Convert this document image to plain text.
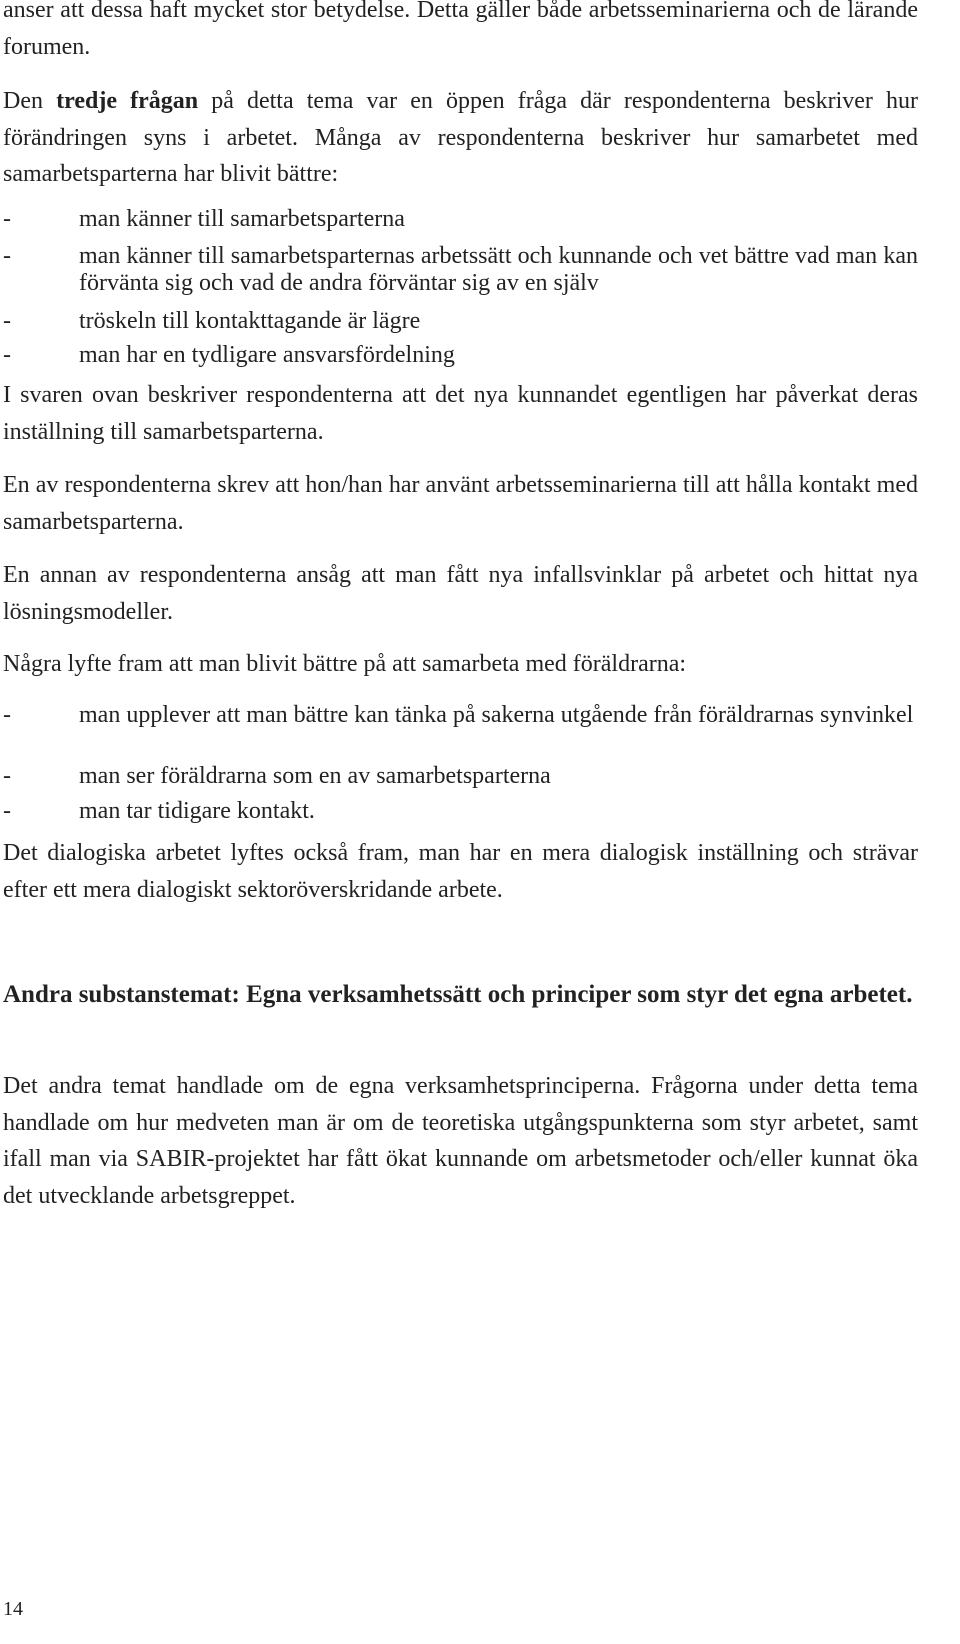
anser att dessa haft mycket stor betydelse. Detta gäller både arbetsseminarierna och de lärande forumen.

Den tredje frågan på detta tema var en öppen fråga där respondenterna beskriver hur förändringen syns i arbetet. Många av respondenterna beskriver hur samarbetet med samarbetsparterna har blivit bättre:

-	man känner till samarbetsparterna

-	man känner till samarbetsparternas arbetssätt och kunnande och vet bättre vad man kan förvänta sig och vad de andra förväntar sig av en själv

-	tröskeln till kontakttagande är lägre

-	man har en tydligare ansvarsfördelning

I svaren ovan beskriver respondenterna att det nya kunnandet egentligen har påverkat deras inställning till samarbetsparterna.

En av respondenterna skrev att hon/han har använt arbetsseminarierna till att hålla kontakt med samarbetsparterna.

En annan av respondenterna ansåg att man fått nya infallsvinklar på arbetet och hittat nya lösningsmodeller.

Några lyfte fram att man blivit bättre på att samarbeta med föräldrarna:

-	man upplever att man bättre kan tänka på sakerna utgående från föräldrarnas synvinkel

-	man ser föräldrarna som en av samarbetsparterna

-	man tar tidigare kontakt.

Det dialogiska arbetet lyftes också fram, man har en mera dialogisk inställning och strävar efter ett mera dialogiskt sektoröverskridande arbete.

Andra substanstemat: Egna verksamhetssätt och principer som styr det egna arbetet.

Det andra temat handlade om de egna verksamhetsprinciperna. Frågorna under detta tema handlade om hur medveten man är om de teoretiska utgångspunkterna som styr arbetet, samt ifall man via SABIR-projektet har fått ökat kunnande om arbetsmetoder och/eller kunnat öka det utvecklande arbetsgreppet.

14
